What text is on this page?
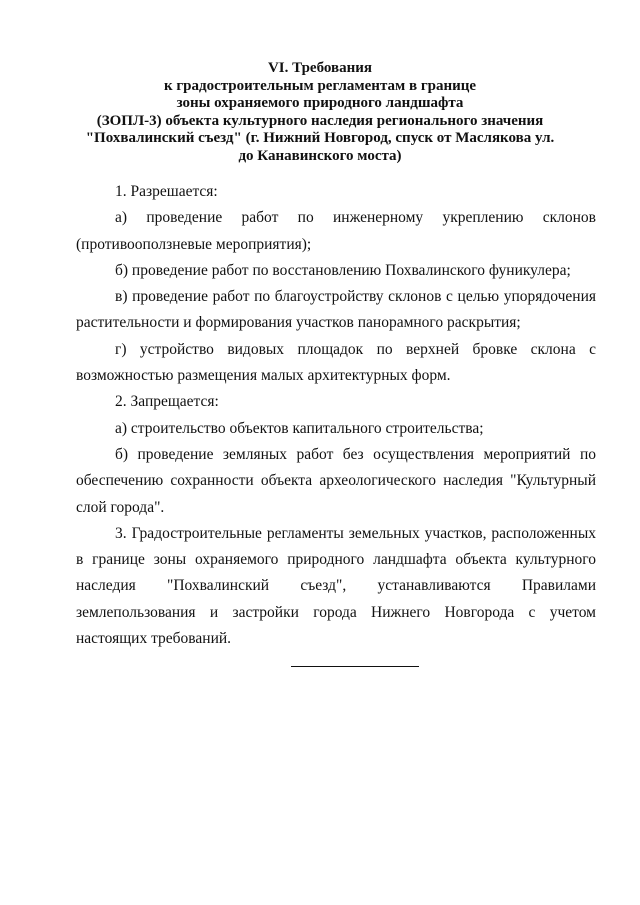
VI. Требования
к градостроительным регламентам в границе
зоны охраняемого природного ландшафта
(ЗОПЛ-3) объекта культурного наследия регионального значения
"Похвалинский съезд" (г. Нижний Новгород, спуск от Маслякова ул.
до Канавинского моста)

1. Разрешается:

а) проведение работ по инженерному укреплению склонов (противооползневые мероприятия);

б) проведение работ по восстановлению Похвалинского фуникулера;

в) проведение работ по благоустройству склонов с целью упорядочения растительности и формирования участков панорамного раскрытия;

г) устройство видовых площадок по верхней бровке склона с возможностью размещения малых архитектурных форм.

2. Запрещается:

а) строительство объектов капитального строительства;

б) проведение земляных работ без осуществления мероприятий по обеспечению сохранности объекта археологического наследия "Культурный слой города".

3. Градостроительные регламенты земельных участков, расположенных в границе зоны охраняемого природного ландшафта объекта культурного наследия "Похвалинский съезд", устанавливаются Правилами землепользования и застройки города Нижнего Новгорода с учетом настоящих требований.
